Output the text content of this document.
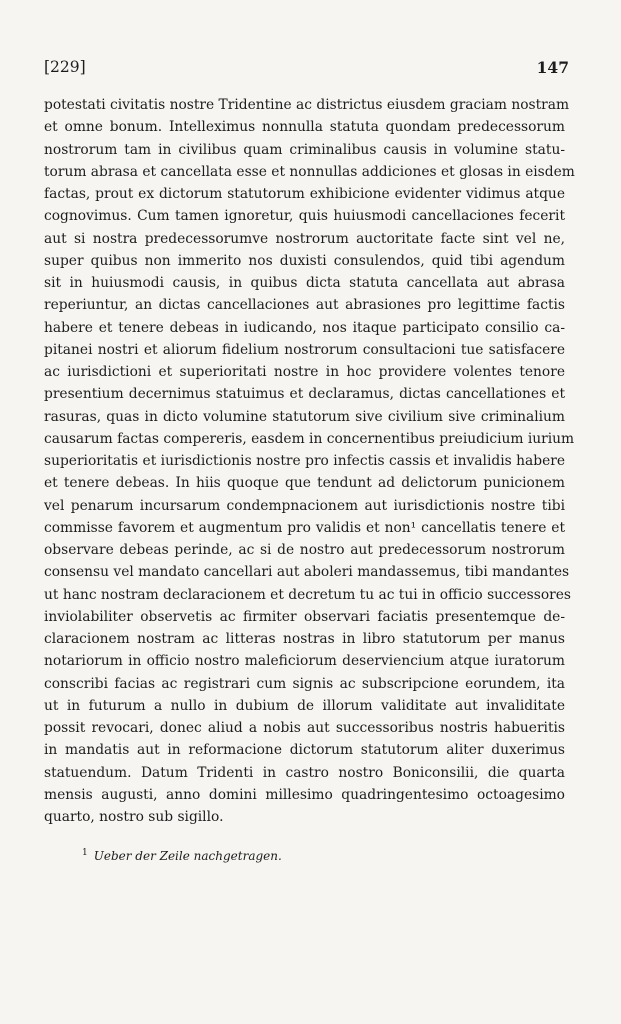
[229]	147
potestati civitatis nostre Tridentine ac districtus eiusdem graciam nostram
et omne bonum. Intelleximus nonnulla statuta quondam predecessorum
nostrorum tam in civilibus quam criminalibus causis in volumine statu-
torum abrasa et cancellata esse et nonnullas addiciones et glosas in eisdem
factas, prout ex dictorum statutorum exhibicione evidenter vidimus atque
cognovimus. Cum tamen ignoretur, quis huiusmodi cancellaciones fecerit
aut si nostra predecessorumve nostrorum auctoritate facte sint vel ne,
super quibus non immerito nos duxisti consulendos, quid tibi agendum
sit in huiusmodi causis, in quibus dicta statuta cancellata aut abrasa
reperiuntur, an dictas cancellaciones aut abrasiones pro legittime factis
habere et tenere debeas in iudicando, nos itaque participato consilio ca-
pitanei nostri et aliorum fidelium nostrorum consultacioni tue satisfacere
ac iurisdictioni et superioritati nostre in hoc providere volentes tenore
presentium decernimus statuimus et declaramus, dictas cancellationes et
rasuras, quas in dicto volumine statutorum sive civilium sive criminalium
causarum factas compereris, easdem in concernentibus preiudicium iurium
superioritatis et iurisdictionis nostre pro infectis cassis et invalidis habere
et tenere debeas. In hiis quoque que tendunt ad delictorum punicionem
vel penarum incursarum condempnacionem aut iurisdictionis nostre tibi
commisse favorem et augmentum pro validis et non¹ cancellatis tenere et
observare debeas perinde, ac si de nostro aut predecessorum nostrorum
consensu vel mandato cancellari aut aboleri mandassemus, tibi mandantes
ut hanc nostram declaracionem et decretum tu ac tui in officio successores
inviolabiliter observetis ac firmiter observari faciatis presentemque de-
claracionem nostram ac litteras nostras in libro statutorum per manus
notariorum in officio nostro maleficiorum deserviencium atque iuratorum
conscribi facias ac registrari cum signis ac subscripcione eorundem, ita
ut in futurum a nullo in dubium de illorum validitate aut invaliditate
possit revocari, donec aliud a nobis aut successoribus nostris habueritis
in mandatis aut in reformacione dictorum statutorum aliter duxerimus
statuendum. Datum Tridenti in castro nostro Boniconsilii, die quarta
mensis augusti, anno domini millesimo quadringentesimo octoagesimo
quarto, nostro sub sigillo.
$^1$ Ueber der Zeile nachgetragen.
